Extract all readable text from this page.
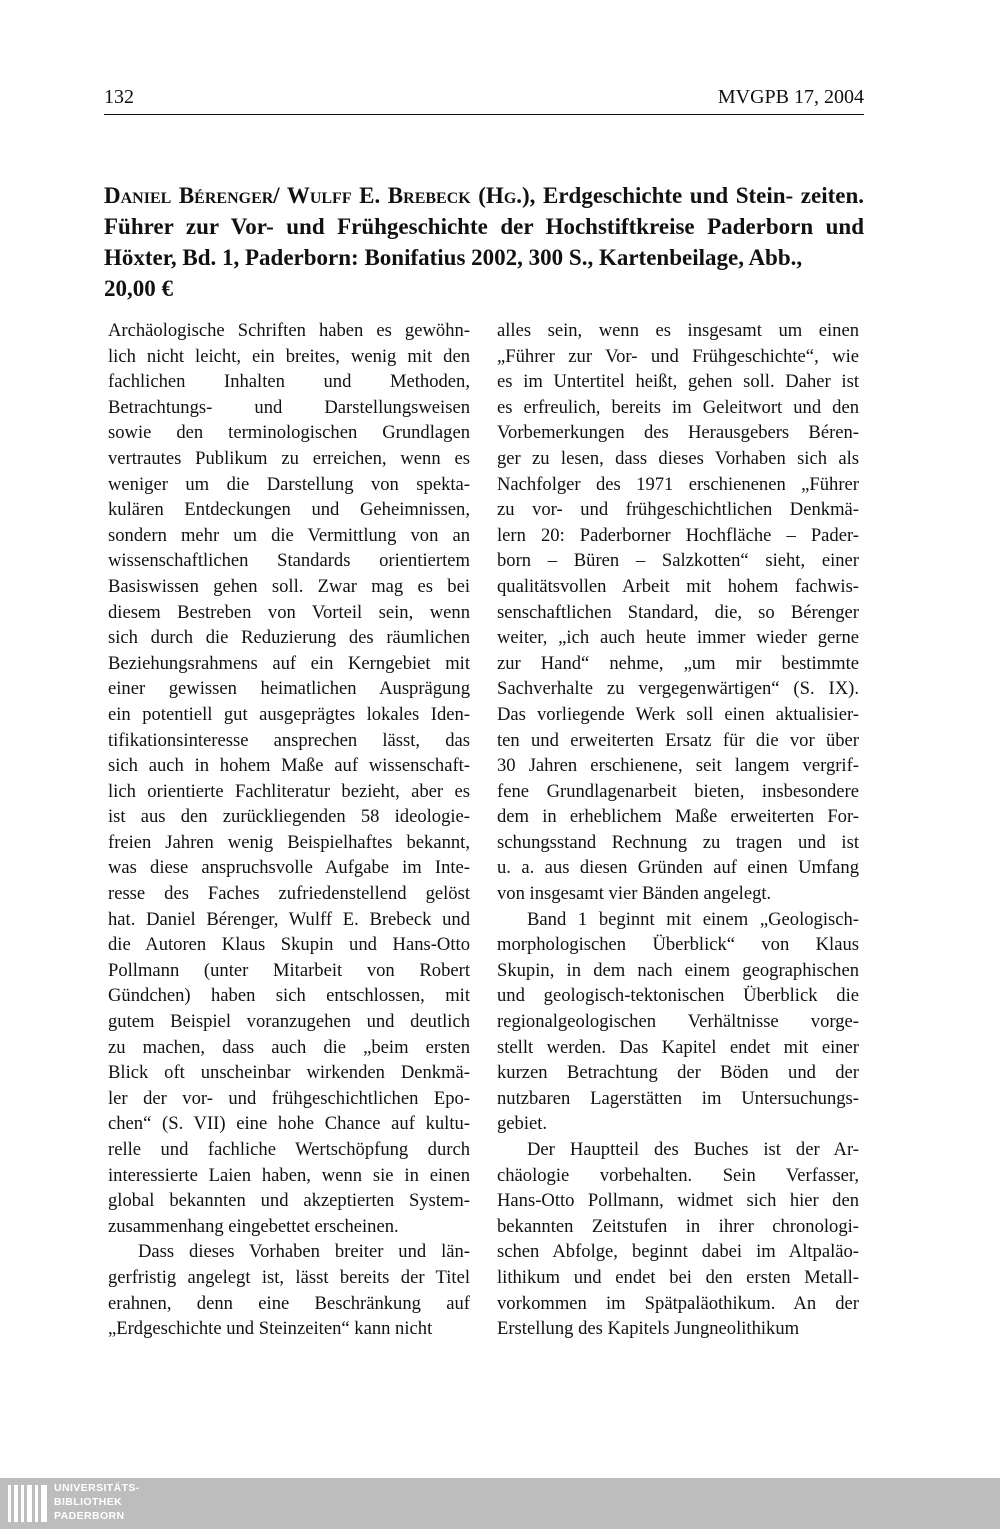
132	MVGPB 17, 2004
Daniel Bérenger/ Wulff E. Brebeck (Hg.), Erdgeschichte und Stein- zeiten. Führer zur Vor- und Frühgeschichte der Hochstiftkreise Paderborn und Höxter, Bd. 1, Paderborn: Bonifatius 2002, 300 S., Kartenbeilage, Abb.,
20,00 €
Archäologische Schriften haben es gewöhn-
lich nicht leicht, ein breites, wenig mit den
fachlichen Inhalten und Methoden,
Betrachtungs- und Darstellungsweisen
sowie den terminologischen Grundlagen
vertrautes Publikum zu erreichen, wenn es
weniger um die Darstellung von spekta-
kulären Entdeckungen und Geheimnissen,
sondern mehr um die Vermittlung von an
wissenschaftlichen Standards orientiertem
Basiswissen gehen soll. Zwar mag es bei
diesem Bestreben von Vorteil sein, wenn
sich durch die Reduzierung des räumlichen
Beziehungsrahmens auf ein Kerngebiet mit
einer gewissen heimatlichen Ausprägung
ein potentiell gut ausgeprägtes lokales Iden-
tifikationsinteresse ansprechen lässt, das
sich auch in hohem Maße auf wissenschaft-
lich orientierte Fachliteratur bezieht, aber es
ist aus den zurückliegenden 58 ideologie-
freien Jahren wenig Beispielhaftes bekannt,
was diese anspruchsvolle Aufgabe im Inte-
resse des Faches zufriedenstellend gelöst
hat. Daniel Bérenger, Wulff E. Brebeck und
die Autoren Klaus Skupin und Hans-Otto
Pollmann (unter Mitarbeit von Robert
Gündchen) haben sich entschlossen, mit
gutem Beispiel voranzugehen und deutlich
zu machen, dass auch die „beim ersten
Blick oft unscheinbar wirkenden Denkmä-
ler der vor- und frühgeschichtlichen Epo-
chen“ (S. VII) eine hohe Chance auf kultu-
relle und fachliche Wertschöpfung durch
interessierte Laien haben, wenn sie in einen
global bekannten und akzeptierten System-
zusammenhang eingebettet erscheinen.
Dass dieses Vorhaben breiter und län-
gerfristig angelegt ist, lässt bereits der Titel
erahnen, denn eine Beschränkung auf
„Erdgeschichte und Steinzeiten“ kann nicht
alles sein, wenn es insgesamt um einen
„Führer zur Vor- und Frühgeschichte“, wie
es im Untertitel heißt, gehen soll. Daher ist
es erfreulich, bereits im Geleitwort und den
Vorbemerkungen des Herausgebers Béren-
ger zu lesen, dass dieses Vorhaben sich als
Nachfolger des 1971 erschienenen „Führer
zu vor- und frühgeschichtlichen Denkmä-
lern 20: Paderborner Hochfläche – Pader-
born – Büren – Salzkotten“ sieht, einer
qualitätsvollen Arbeit mit hohem fachwis-
senschaftlichen Standard, die, so Bérenger
weiter, „ich auch heute immer wieder gerne
zur Hand“ nehme, „um mir bestimmte
Sachverhalte zu vergegenwärtigen“ (S. IX).
Das vorliegende Werk soll einen aktualisier-
ten und erweiterten Ersatz für die vor über
30 Jahren erschienene, seit langem vergrif-
fene Grundlagenarbeit bieten, insbesondere
dem in erheblichem Maße erweiterten For-
schungsstand Rechnung zu tragen und ist
u. a. aus diesen Gründen auf einen Umfang
von insgesamt vier Bänden angelegt.
Band 1 beginnt mit einem „Geologisch-
morphologischen Überblick“ von Klaus
Skupin, in dem nach einem geographischen
und geologisch-tektonischen Überblick die
regionalgeologischen Verhältnisse vorge-
stellt werden. Das Kapitel endet mit einer
kurzen Betrachtung der Böden und der
nutzbaren Lagerstätten im Untersuchungs-
gebiet.
Der Hauptteil des Buches ist der Ar-
chäologie vorbehalten. Sein Verfasser,
Hans-Otto Pollmann, widmet sich hier den
bekannten Zeitstufen in ihrer chronologi-
schen Abfolge, beginnt dabei im Altpaläo-
lithikum und endet bei den ersten Metall-
vorkommen im Spätpaläothikum. An der
Erstellung des Kapitels Jungneolithikum
UNIVERSITÄTS-
BIBLIOTHEK
PADERBORN
